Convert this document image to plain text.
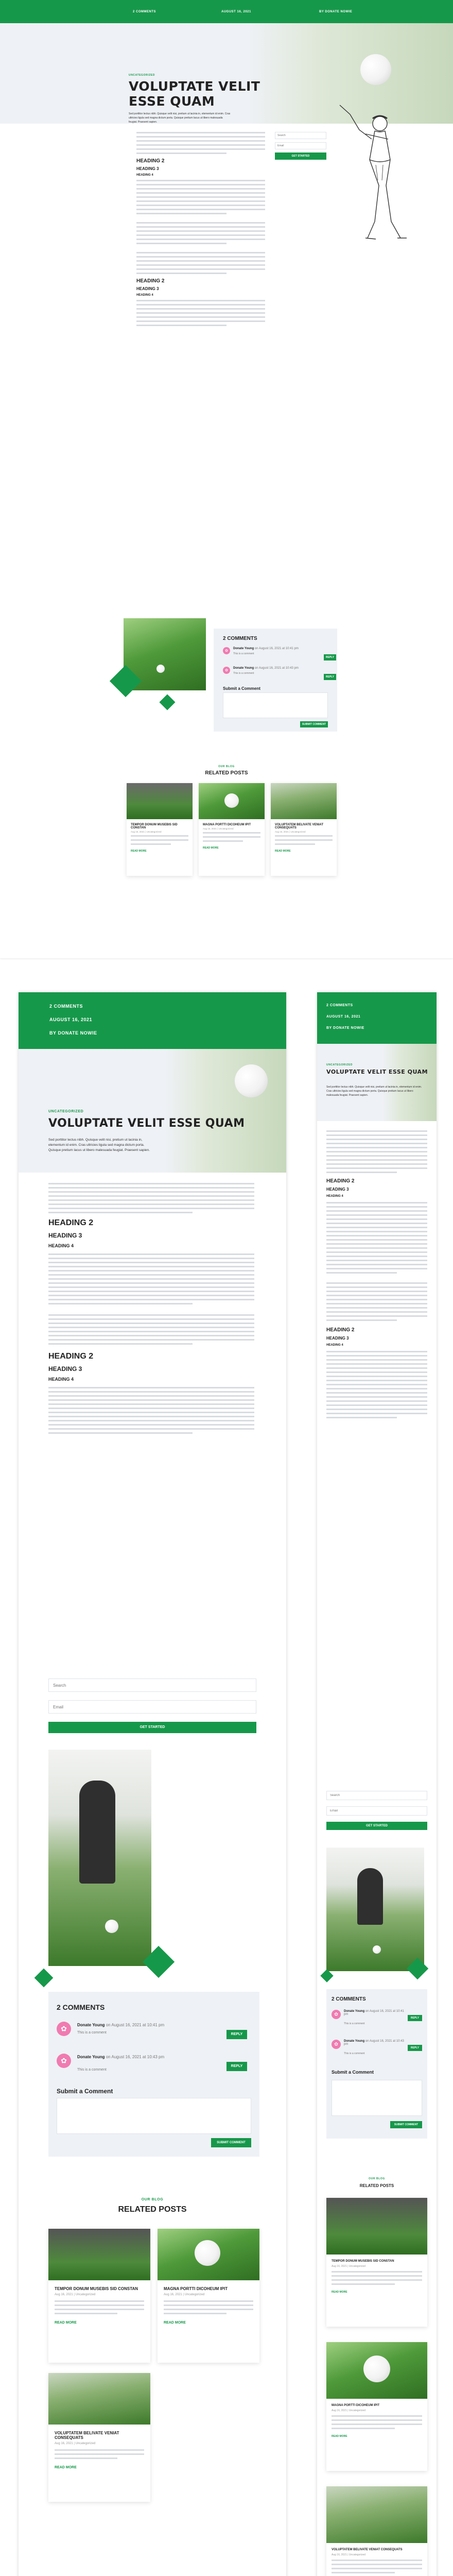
2 COMMENTS	AUGUST 16, 2021	BY DONATE NOWIE
UNCATEGORIZED
VOLUPTATE VELIT ESSE QUAM
Sed porttitor lectus nibh. Quisque velit nisi, pretium ut lacinia in, elementum id enim. Cras ultricies ligula sed magna dictum porta. Quisque pretium lacus ut libero malesuada feugiat. Praesent sapien.
HEADING 2
HEADING 3
HEADING 4
HEADING 2
HEADING 3
HEADING 4
Search
Email
GET STARTED
2 COMMENTS
✿
Donate Young on August 16, 2021 at 10:41 pm
This is a comment
REPLY
✿
Donate Young on August 16, 2021 at 10:43 pm
This is a comment
REPLY
Submit a Comment
SUBMIT COMMENT
OUR BLOG
RELATED POSTS
TEMPOR DONUM MUSEBIS SID CONSTAN
Aug 16, 2021 | Uncategorized
READ MORE
MAGNA PORTTI DICOHEUM IPIT
Aug 16, 2021 | Uncategorized
READ MORE
VOLUPTATEM BELIVATE VENIAT CONSEQUATS
Aug 16, 2021 | Uncategorized
READ MORE
2 COMMENTS
AUGUST 16, 2021
BY DONATE NOWIE
UNCATEGORIZED
VOLUPTATE VELIT ESSE QUAM
Sed porttitor lectus nibh. Quisque velit nisi, pretium ut lacinia in, elementum id enim. Cras ultricies ligula sed magna dictum porta. Quisque pretium lacus ut libero malesuada feugiat. Praesent sapien.
HEADING 2
HEADING 3
HEADING 4
HEADING 2
HEADING 3
HEADING 4
Search
Email
GET STARTED
2 COMMENTS
✿
Donate Young on August 16, 2021 at 10:41 pm
This is a comment	REPLY
✿
Donate Young on August 16, 2021 at 10:43 pm
This is a comment
REPLY
Submit a Comment
SUBMIT COMMENT
OUR BLOG
RELATED POSTS
TEMPOR DONUM MUSEBIS SID CONSTAN
Aug 16, 2021 | Uncategorized
READ MORE
MAGNA PORTTI DICOHEUM IPIT
Aug 16, 2021 | Uncategorized
READ MORE
VOLUPTATEM BELIVATE VENIAT CONSEQUATS
Aug 16, 2021 | Uncategorized
READ MORE
2 COMMENTS
AUGUST 16, 2021
BY DONATE NOWIE
UNCATEGORIZED
VOLUPTATE VELIT ESSE QUAM
Sed porttitor lectus nibh. Quisque velit nisi, pretium ut lacinia in, elementum id enim. Cras ultricies ligula sed magna dictum porta. Quisque pretium lacus ut libero malesuada feugiat. Praesent sapien.
HEADING 2
HEADING 3
HEADING 4
HEADING 2
HEADING 3
HEADING 4
Search
Email
GET STARTED
2 COMMENTS
✿
Donate Young on August 16, 2021 at 10:41 pm
This is a comment
REPLY
✿
Donate Young on August 16, 2021 at 10:43 pm
This is a comment
REPLY
Submit a Comment
SUBMIT COMMENT
OUR BLOG
RELATED POSTS
TEMPOR DONUM MUSEBIS SID CONSTAN
Aug 16, 2021 | Uncategorized
READ MORE
MAGNA PORTTI DICOHEUM IPIT
Aug 16, 2021 | Uncategorized
READ MORE
VOLUPTATEM BELIVATE VENIAT CONSEQUATS
Aug 16, 2021 | Uncategorized
